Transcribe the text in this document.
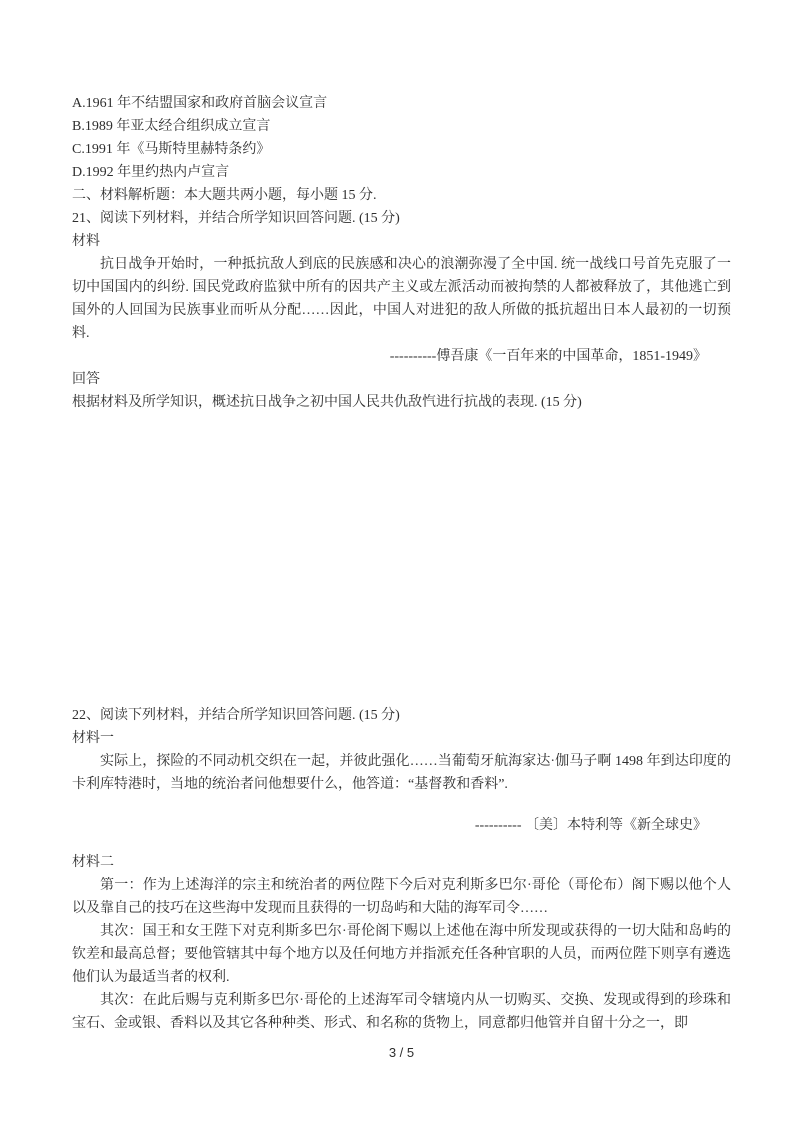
A.1961 年不结盟国家和政府首脑会议宣言
B.1989 年亚太经合组织成立宣言
C.1991 年《马斯特里赫特条约》
D.1992 年里约热内卢宣言
二、材料解析题：本大题共两小题，每小题 15 分.
21、阅读下列材料，并结合所学知识回答问题. (15 分)
材料
抗日战争开始时，一种抵抗敌人到底的民族感和决心的浪潮弥漫了全中国. 统一战线口号首先克服了一切中国国内的纠纷. 国民党政府监狱中所有的因共产主义或左派活动而被拘禁的人都被释放了，其他逃亡到国外的人回国为民族事业而听从分配……因此，中国人对进犯的敌人所做的抵抗超出日本人最初的一切预料.
----------傅吾康《一百年来的中国革命，1851-1949》
回答
根据材料及所学知识，概述抗日战争之初中国人民共仇敌忾进行抗战的表现. (15 分)
22、阅读下列材料，并结合所学知识回答问题. (15 分)
材料一
实际上，探险的不同动机交织在一起，并彼此强化……当葡萄牙航海家达·伽马子啊 1498 年到达印度的卡利库特港时，当地的统治者问他想要什么，他答道：“基督教和香料”.
---------- 〔美〕本特利等《新全球史》
材料二
第一：作为上述海洋的宗主和统治者的两位陛下今后对克利斯多巴尔·哥伦（哥伦布）阁下赐以他个人以及靠自己的技巧在这些海中发现而且获得的一切岛屿和大陆的海军司令……
其次：国王和女王陛下对克利斯多巴尔·哥伦阁下赐以上述他在海中所发现或获得的一切大陆和岛屿的钦差和最高总督；要他管辖其中每个地方以及任何地方并指派充任各种官职的人员，而两位陛下则享有遴选他们认为最适当者的权利.
其次：在此后赐与克利斯多巴尔·哥伦的上述海军司令辖境内从一切购买、交换、发现或得到的珍珠和宝石、金或银、香料以及其它各种种类、形式、和名称的货物上，同意都归他管并自留十分之一，即
3 / 5
